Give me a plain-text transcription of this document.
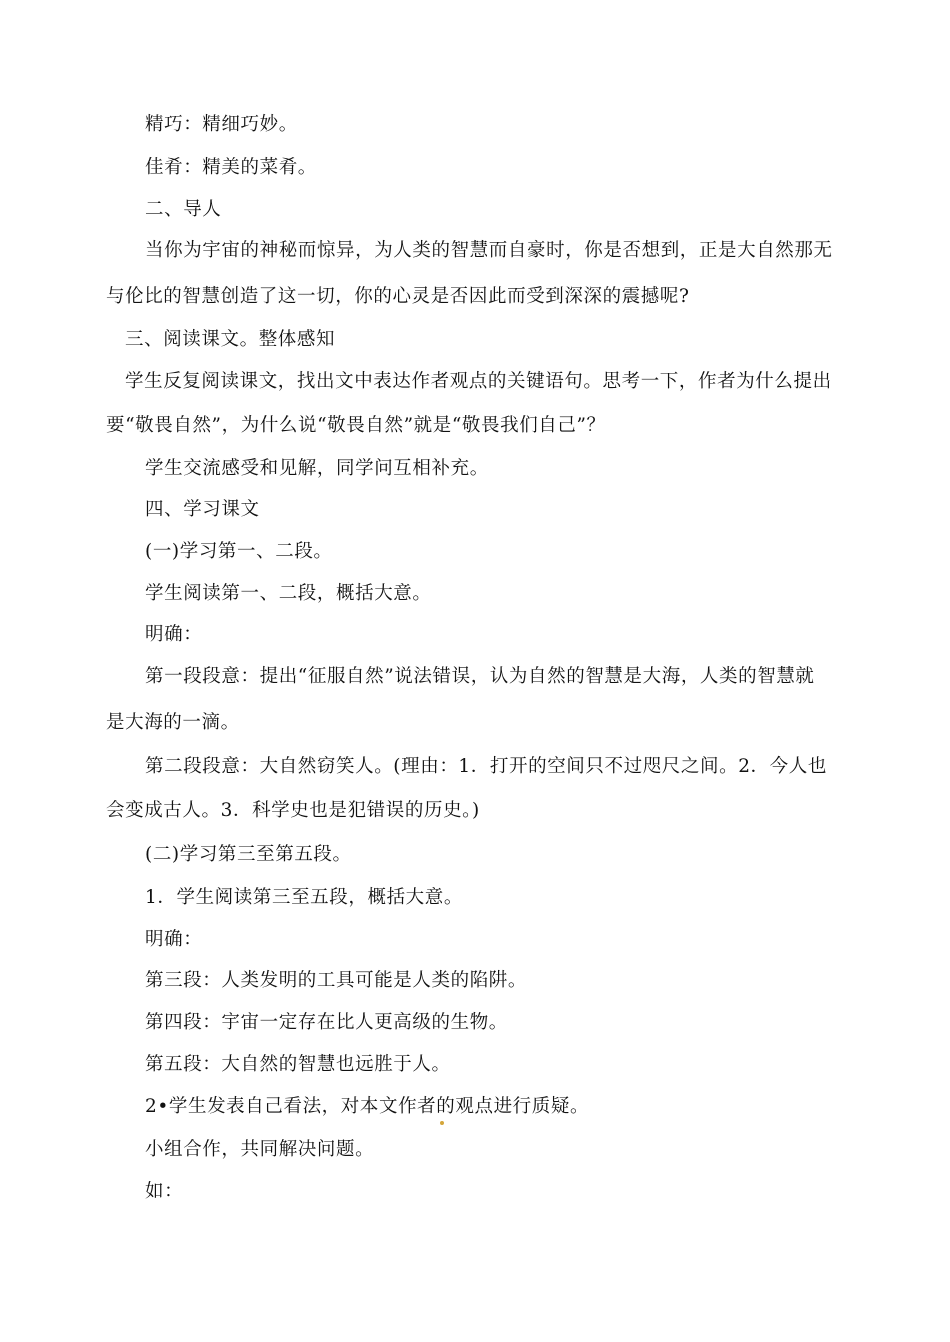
精巧：精细巧妙。
佳肴：精美的菜肴。
二、导人
当你为宇宙的神秘而惊异，为人类的智慧而自豪时，你是否想到，正是大自然那无
与伦比的智慧创造了这一切，你的心灵是否因此而受到深深的震撼呢?
三、阅读课文。整体感知
学生反复阅读课文，找出文中表达作者观点的关键语句。思考一下，作者为什么提出
要“敬畏自然”，为什么说“敬畏自然”就是“敬畏我们自己”？
学生交流感受和见解，同学问互相补充。
四、学习课文
(一)学习第一、二段。
学生阅读第一、二段，概括大意。
明确：
第一段段意：提出“征服自然”说法错误，认为自然的智慧是大海，人类的智慧就
是大海的一滴。
第二段段意：大自然窃笑人。(理由：1．打开的空间只不过咫尺之间。2．今人也
会变成古人。3．科学史也是犯错误的历史。)
(二)学习第三至第五段。
1．学生阅读第三至五段，概括大意。
明确：
第三段：人类发明的工具可能是人类的陷阱。
第四段：宇宙一定存在比人更高级的生物。
第五段：大自然的智慧也远胜于人。
2•学生发表自己看法，对本文作者的观点进行质疑。
小组合作，共同解决问题。
如：
